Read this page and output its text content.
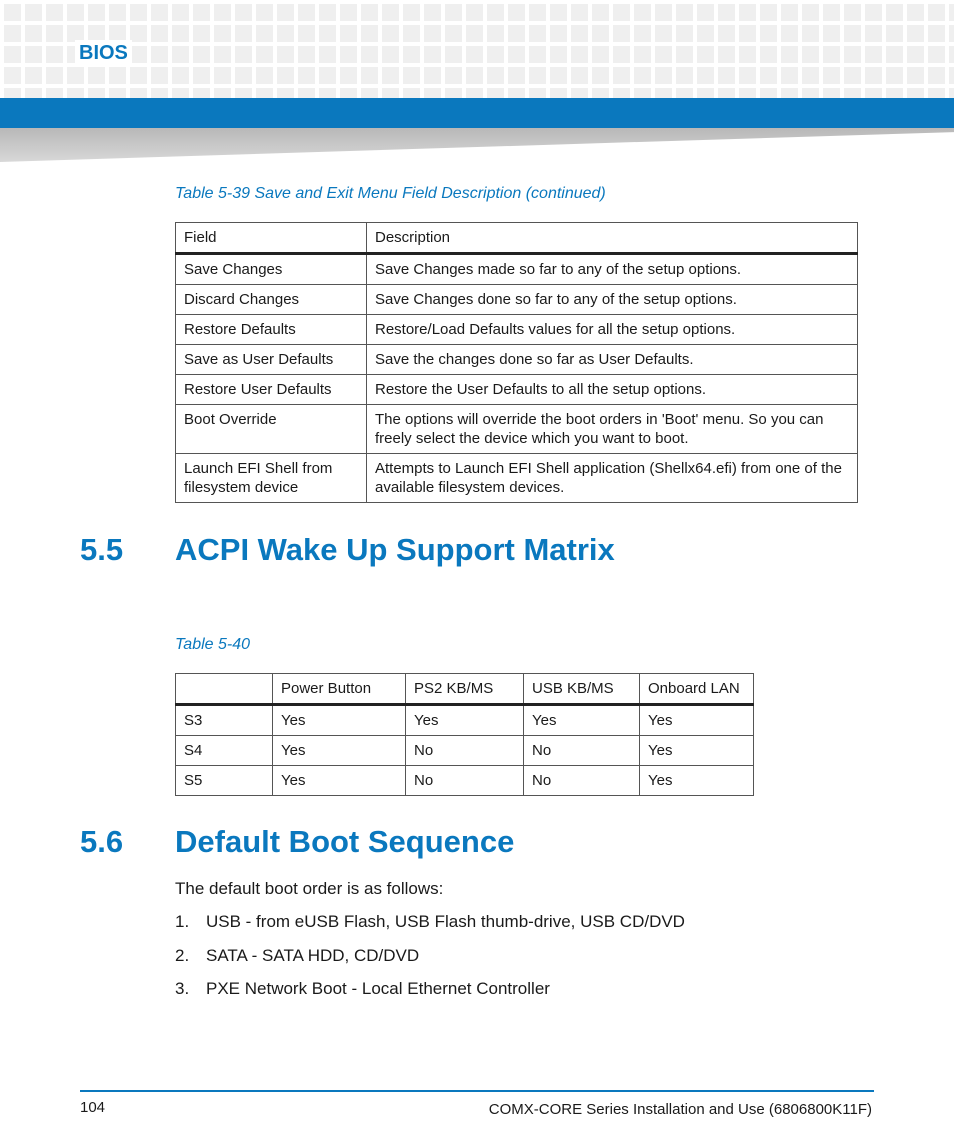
BIOS
Table 5-39 Save and Exit Menu Field Description (continued)
Field	Description
Save Changes	Save Changes made so far to any of the setup options.
Discard Changes	Save Changes done so far to any of the setup options.
Restore Defaults	Restore/Load Defaults values for all the setup options.
Save as User Defaults	Save the changes done so far as User Defaults.
Restore User Defaults	Restore the User Defaults to all the setup options.
Boot Override	The options will override the boot orders in 'Boot' menu. So you can freely select the device which you want to boot.
Launch EFI Shell from filesystem device	Attempts to Launch EFI Shell application (Shellx64.efi) from one of the available filesystem devices.
5.5 ACPI Wake Up Support Matrix
Table 5-40
	Power Button	PS2 KB/MS	USB KB/MS	Onboard LAN
S3	Yes	Yes	Yes	Yes
S4	Yes	No	No	Yes
S5	Yes	No	No	Yes
5.6 Default Boot Sequence
The default boot order is as follows:
1. USB - from eUSB Flash, USB Flash thumb-drive, USB CD/DVD
2. SATA - SATA HDD, CD/DVD
3. PXE Network Boot - Local Ethernet Controller
104	COMX-CORE Series Installation and Use (6806800K11F)
